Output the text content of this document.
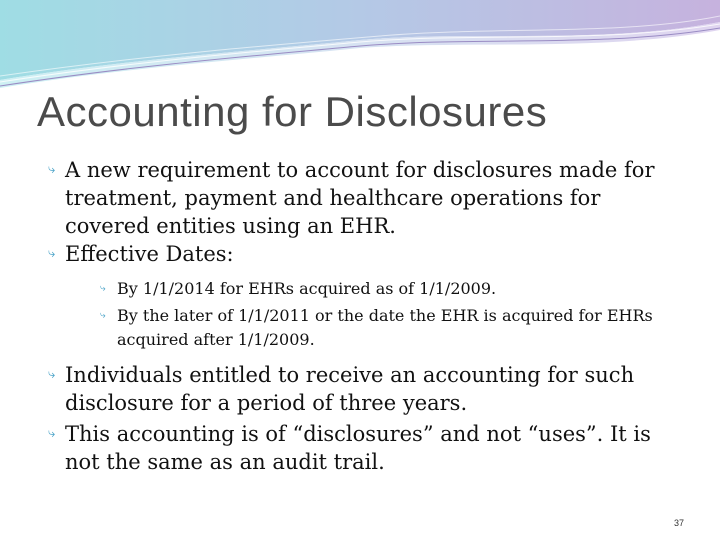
Accounting for Disclosures

⤷ A new requirement to account for disclosures made for treatment, payment and healthcare operations for covered entities using an EHR.

⤷ Effective Dates:

⤷ By 1/1/2014 for EHRs acquired as of 1/1/2009.

⤷ By the later of 1/1/2011 or the date the EHR is acquired for EHRs acquired after 1/1/2009.

⤷ Individuals entitled to receive an accounting for such disclosure for a period of three years.

⤷ This accounting is of “disclosures” and not “uses”. It is not the same as an audit trail.

37
